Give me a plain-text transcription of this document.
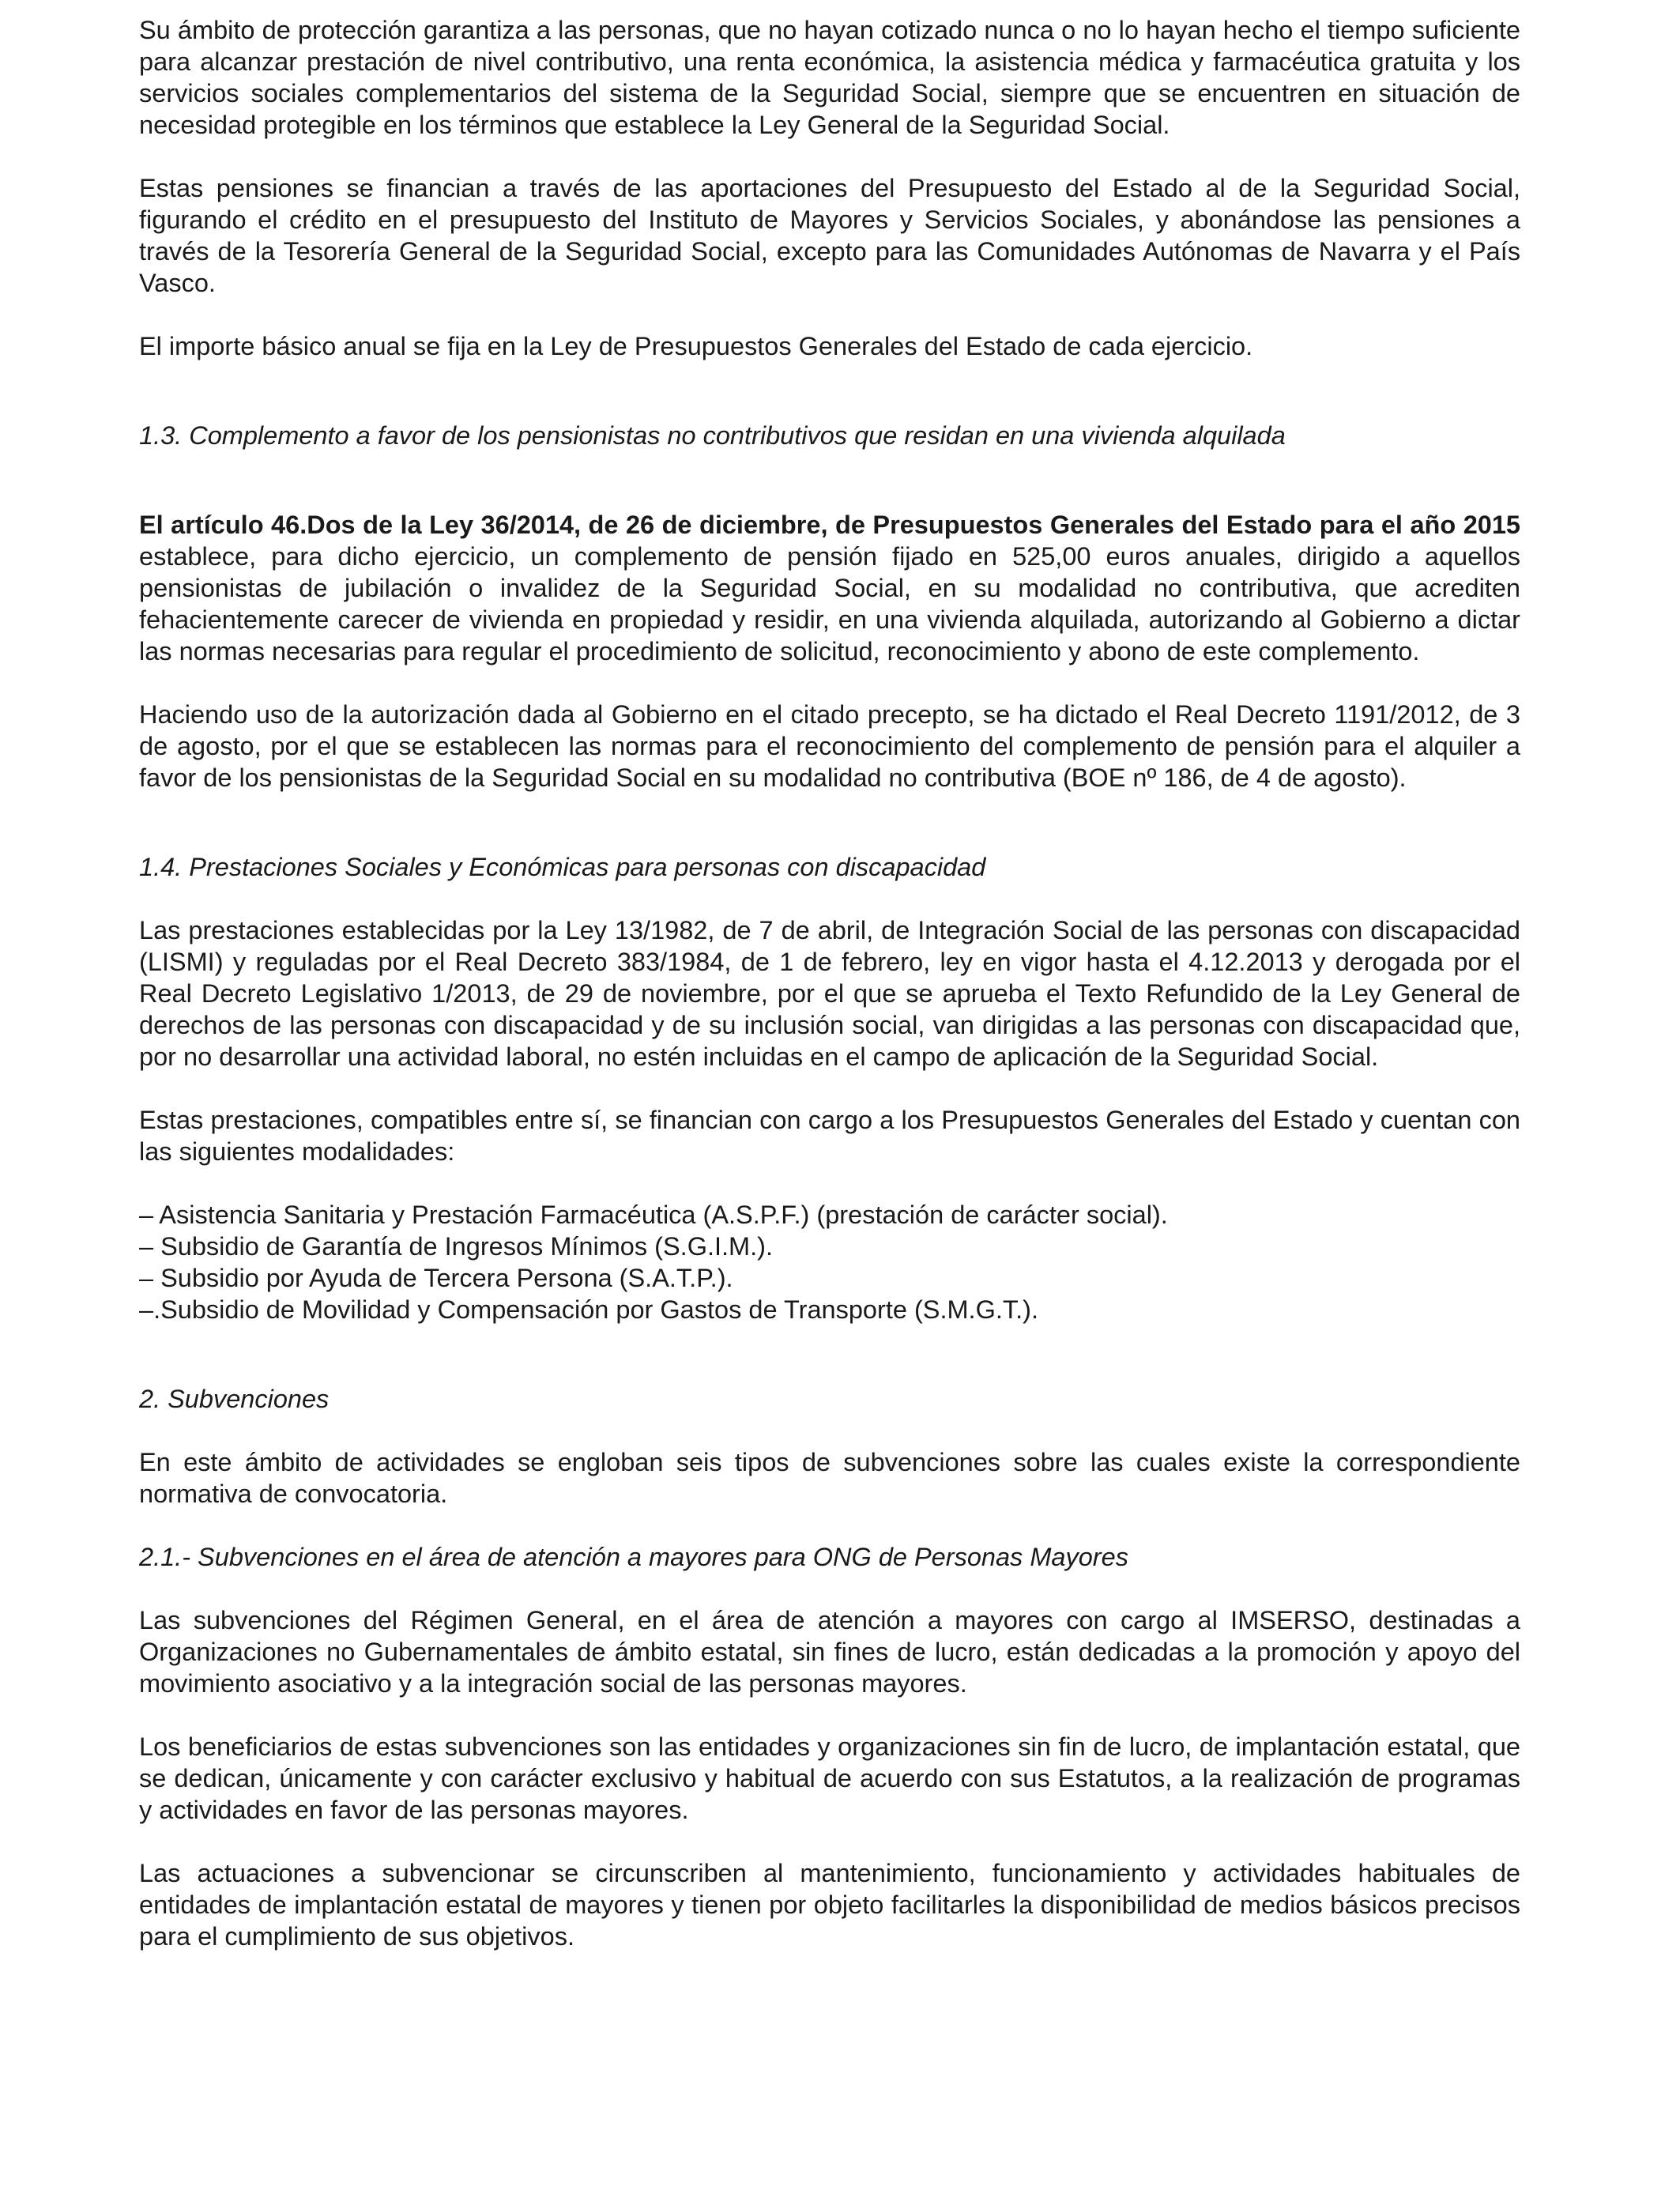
Su ámbito de protección garantiza a las personas, que no hayan cotizado nunca o no lo hayan hecho el tiempo suficiente para alcanzar prestación de nivel contributivo, una renta económica, la asistencia médica y farmacéutica gratuita y los servicios sociales complementarios del sistema de la Seguridad Social, siempre que se encuentren en situación de necesidad protegible en los términos que establece la Ley General de la Seguridad Social.

Estas pensiones se financian a través de las aportaciones del Presupuesto del Estado al de la Seguridad Social, figurando el crédito en el presupuesto del Instituto de Mayores y Servicios Sociales, y abonándose las pensiones a través de la Tesorería General de la Seguridad Social, excepto para las Comunidades Autónomas de Navarra y el País Vasco.

El importe básico anual se fija en la Ley de Presupuestos Generales del Estado de cada ejercicio.

1.3. Complemento a favor de los pensionistas no contributivos que residan en una vivienda alquilada

El artículo 46.Dos de la Ley 36/2014, de 26 de diciembre, de Presupuestos Generales del Estado para el año 2015 establece, para dicho ejercicio, un complemento de pensión fijado en 525,00 euros anuales, dirigido a aquellos pensionistas de jubilación o invalidez de la Seguridad Social, en su modalidad no contributiva, que acrediten fehacientemente carecer de vivienda en propiedad y residir, en una vivienda alquilada, autorizando al Gobierno a dictar las normas necesarias para regular el procedimiento de solicitud, reconocimiento y abono de este complemento.

Haciendo uso de la autorización dada al Gobierno en el citado precepto, se ha dictado el Real Decreto 1191/2012, de 3 de agosto, por el que se establecen las normas para el reconocimiento del complemento de pensión para el alquiler a favor de los pensionistas de la Seguridad Social en su modalidad no contributiva (BOE nº 186, de 4 de agosto).

1.4. Prestaciones Sociales y Económicas para personas con discapacidad

Las prestaciones establecidas por la Ley 13/1982, de 7 de abril, de Integración Social de las personas con discapacidad (LISMI) y reguladas por el Real Decreto 383/1984, de 1 de febrero, ley en vigor hasta el 4.12.2013 y derogada por el Real Decreto Legislativo 1/2013, de 29 de noviembre, por el que se aprueba el Texto Refundido de la Ley General de derechos de las personas con discapacidad y de su inclusión social, van dirigidas a las personas con discapacidad que, por no desarrollar una actividad laboral, no estén incluidas en el campo de aplicación de la Seguridad Social.

Estas prestaciones, compatibles entre sí, se financian con cargo a los Presupuestos Generales del Estado y cuentan con las siguientes modalidades:

– Asistencia Sanitaria y Prestación Farmacéutica (A.S.P.F.) (prestación de carácter social).
– Subsidio de Garantía de Ingresos Mínimos (S.G.I.M.).
– Subsidio por Ayuda de Tercera Persona (S.A.T.P.).
–.Subsidio de Movilidad y Compensación por Gastos de Transporte (S.M.G.T.).

2. Subvenciones

En este ámbito de actividades se engloban seis tipos de subvenciones sobre las cuales existe la correspondiente normativa de convocatoria.

2.1.- Subvenciones en el área de atención a mayores para ONG de Personas Mayores

Las subvenciones del Régimen General, en el área de atención a mayores con cargo al IMSERSO, destinadas a Organizaciones no Gubernamentales de ámbito estatal, sin fines de lucro, están dedicadas a la promoción y apoyo del movimiento asociativo y a la integración social de las personas mayores.

Los beneficiarios de estas subvenciones son las entidades y organizaciones sin fin de lucro, de implantación estatal, que se dedican, únicamente y con carácter exclusivo y habitual de acuerdo con sus Estatutos, a la realización de programas y actividades en favor de las personas mayores.

Las actuaciones a subvencionar se circunscriben al mantenimiento, funcionamiento y actividades habituales de entidades de implantación estatal de mayores y tienen por objeto facilitarles la disponibilidad de medios básicos precisos para el cumplimiento de sus objetivos.
